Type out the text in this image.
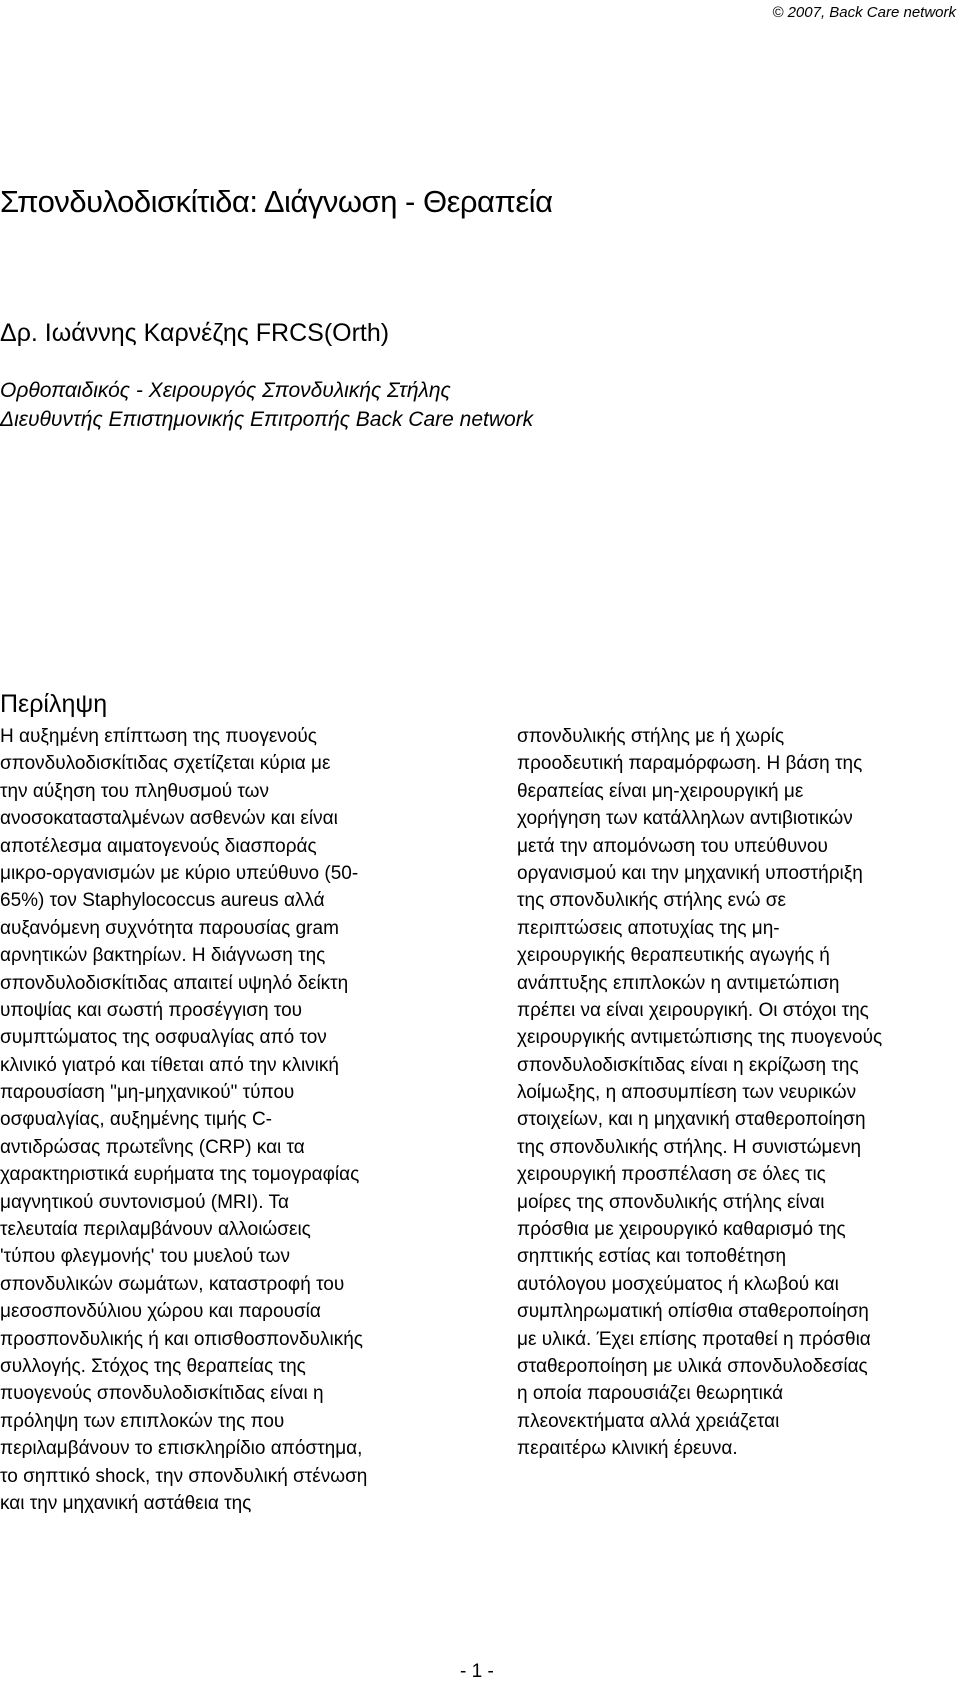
© 2007, Back Care network
Σπονδυλοδισκίτιδα: Διάγνωση - Θεραπεία
Δρ. Ιωάννης Καρνέζης FRCS(Orth)

Ορθοπαιδικός - Χειρουργός Σπονδυλικής Στήλης

Διευθυντής Επιστημονικής Επιτροπής Back Care network

Περίληψη
Η αυξημένη επίπτωση της πυογενούς
σπονδυλοδισκίτιδας σχετίζεται κύρια με
την αύξηση του πληθυσμού των
ανοσοκατασταλμένων ασθενών και είναι
αποτέλεσμα αιματογενούς διασποράς
μικρο-οργανισμών με κύριο υπεύθυνο (50-
65%) τον Staphylococcus aureus αλλά
αυξανόμενη συχνότητα παρουσίας gram
αρνητικών βακτηρίων. Η διάγνωση της
σπονδυλοδισκίτιδας απαιτεί υψηλό δείκτη
υποψίας και σωστή προσέγγιση του
συμπτώματος της οσφυαλγίας από τον
κλινικό γιατρό και τίθεται από την κλινική
παρουσίαση "μη-μηχανικού" τύπου
οσφυαλγίας, αυξημένης τιμής C-
αντιδρώσας πρωτεΐνης (CRP) και τα
χαρακτηριστικά ευρήματα της τομογραφίας
μαγνητικού συντονισμού (MRI). Τα
τελευταία περιλαμβάνουν αλλοιώσεις
'τύπου φλεγμονής' του μυελού των
σπονδυλικών σωμάτων, καταστροφή του
μεσοσπονδύλιου χώρου και παρουσία
προσπονδυλικής ή και οπισθοσπονδυλικής
συλλογής. Στόχος της θεραπείας της
πυογενούς σπονδυλοδισκίτιδας είναι η
πρόληψη των επιπλοκών της που
περιλαμβάνουν το επισκληρίδιο απόστημα,
το σηπτικό shock, την σπονδυλική στένωση
και την μηχανική αστάθεια της
σπονδυλικής στήλης με ή χωρίς
προοδευτική παραμόρφωση. Η βάση της
θεραπείας είναι μη-χειρουργική με
χορήγηση των κατάλληλων αντιβιοτικών
μετά την απομόνωση του υπεύθυνου
οργανισμού και την μηχανική υποστήριξη
της σπονδυλικής στήλης ενώ σε
περιπτώσεις αποτυχίας της μη-
χειρουργικής θεραπευτικής αγωγής ή
ανάπτυξης επιπλοκών η αντιμετώπιση
πρέπει να είναι χειρουργική. Οι στόχοι της
χειρουργικής αντιμετώπισης της πυογενούς
σπονδυλοδισκίτιδας είναι η εκρίζωση της
λοίμωξης, η αποσυμπίεση των νευρικών
στοιχείων, και η μηχανική σταθεροποίηση
της σπονδυλικής στήλης. Η συνιστώμενη
χειρουργική προσπέλαση σε όλες τις
μοίρες της σπονδυλικής στήλης είναι
πρόσθια με χειρουργικό καθαρισμό της
σηπτικής εστίας και τοποθέτηση
αυτόλογου μοσχεύματος ή κλωβού και
συμπληρωματική οπίσθια σταθεροποίηση
με υλικά. Έχει επίσης προταθεί η πρόσθια
σταθεροποίηση με υλικά σπονδυλοδεσίας
η οποία παρουσιάζει θεωρητικά
πλεονεκτήματα αλλά χρειάζεται
περαιτέρω κλινική έρευνα.
- 1 -
